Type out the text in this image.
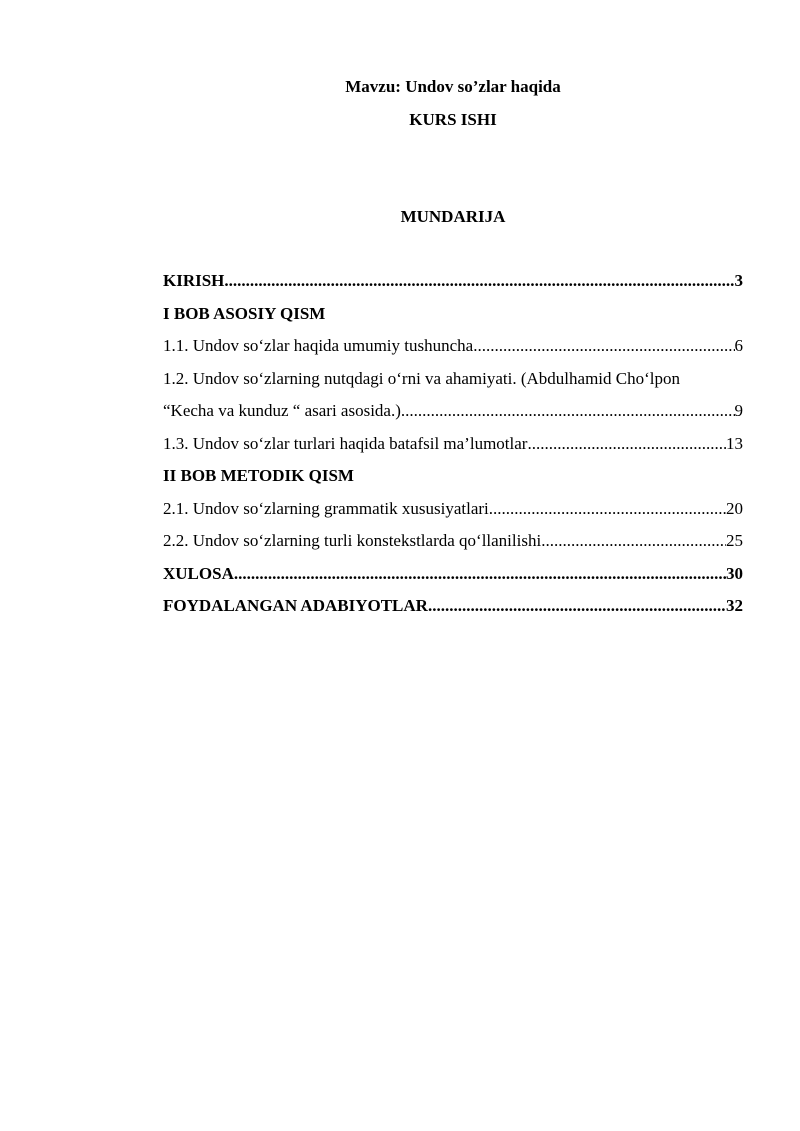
Mavzu: Undov so’zlar haqida
KURS ISHI
MUNDARIJA
KIRISH .....	3
I BOB ASOSIY QISM
1.1. Undov so‘zlar haqida umumiy tushuncha .....	6
1.2. Undov so‘zlarning nutqdagi o‘rni va ahamiyati. (Abdulhamid Cho‘lpon
“Kecha va kunduz “ asari asosida.) .....	9
1.3. Undov so‘zlar turlari haqida batafsil ma’lumotlar .....	13
II BOB METODIK QISM
2.1. Undov so‘zlarning grammatik xususiyatlari .....	20
2.2. Undov so‘zlarning turli konstekstlarda qo‘llanilishi .....	25
XULOSA .....	30
FOYDALANGAN ADABIYOTLAR .....	32
